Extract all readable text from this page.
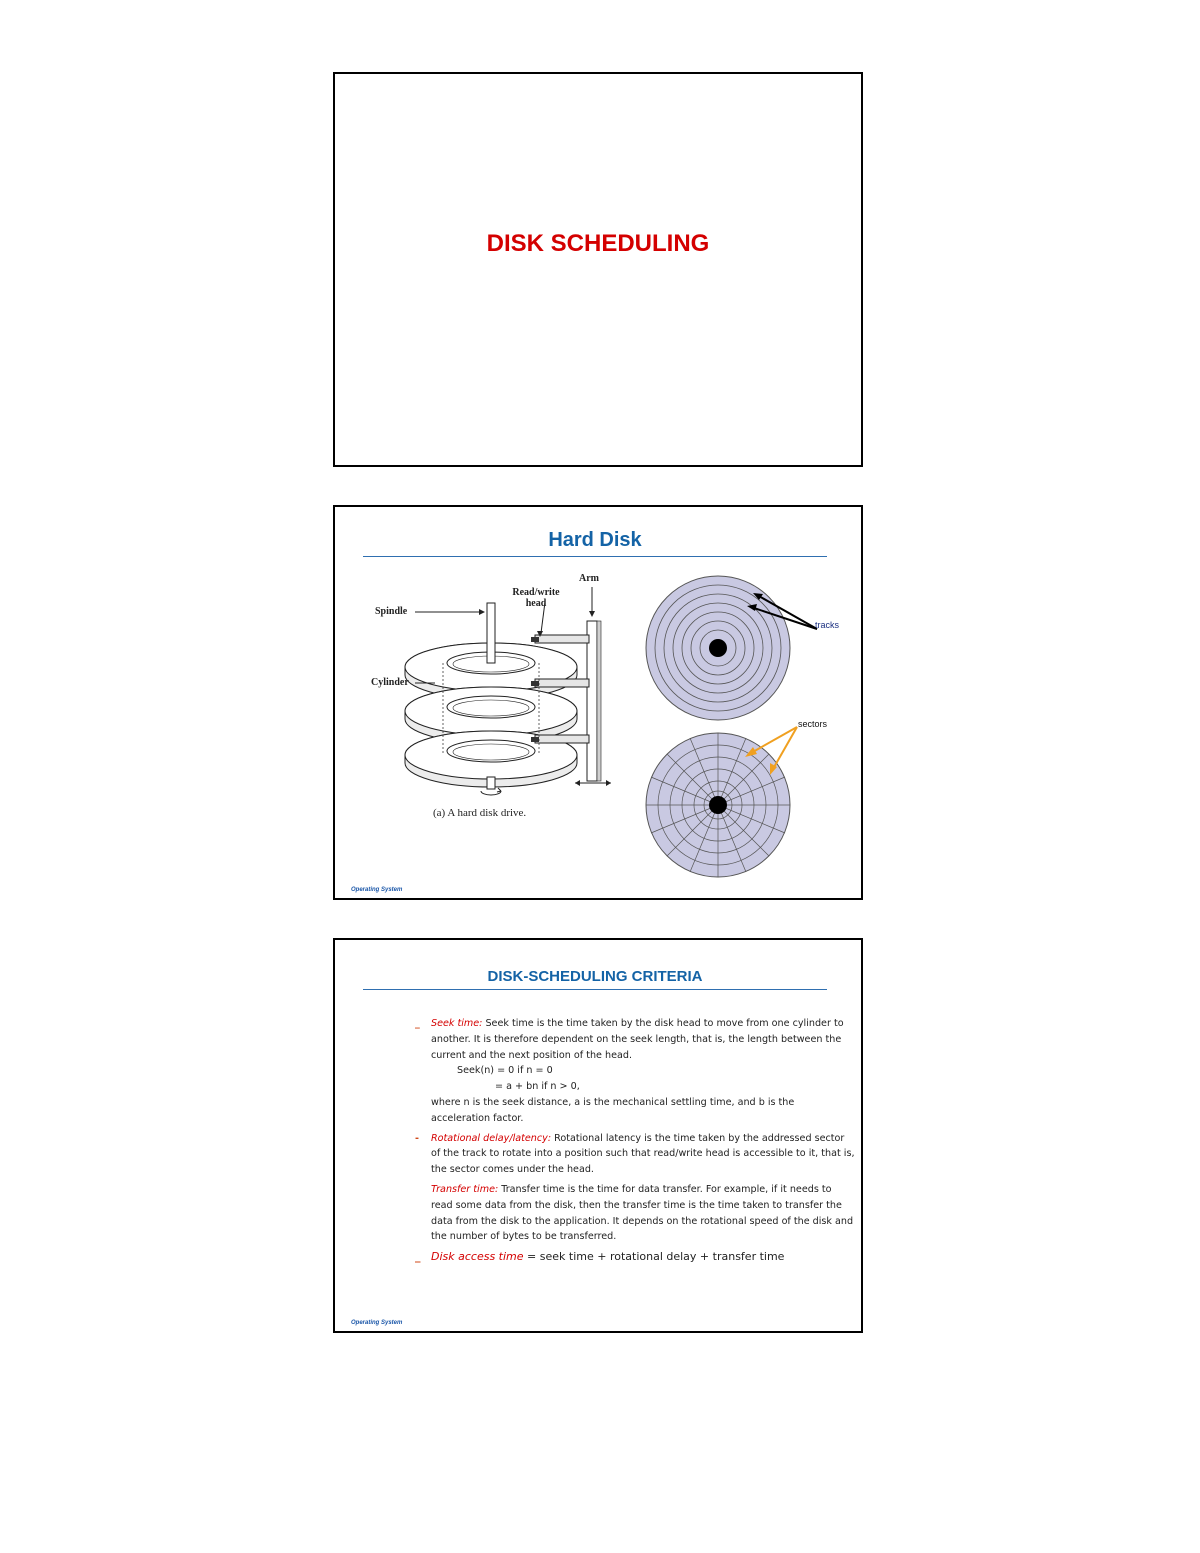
DISK SCHEDULING
Hard Disk
Arm
Read/write
head
Spindle
Cylinder
(a) A hard disk drive.
tracks
sectors
Operating System
DISK-SCHEDULING CRITERIA
_ Seek time: Seek time is the time taken by the disk head to move from one cylinder to another. It is therefore dependent on the seek length, that is, the length between the current and the next position of the head.
Seek(n) = 0 if n = 0
= a + bn if n > 0,
where n is the seek distance, a is the mechanical settling time, and b is the acceleration factor.
- Rotational delay/latency: Rotational latency is the time taken by the addressed sector of the track to rotate into a position such that read/write head is accessible to it, that is, the sector comes under the head.
Transfer time: Transfer time is the time for data transfer. For example, if it needs to read some data from the disk, then the transfer time is the time taken to transfer the data from the disk to the application. It depends on the rotational speed of the disk and the number of bytes to be transferred.
_ Disk access time = seek time + rotational delay + transfer time
Operating System
